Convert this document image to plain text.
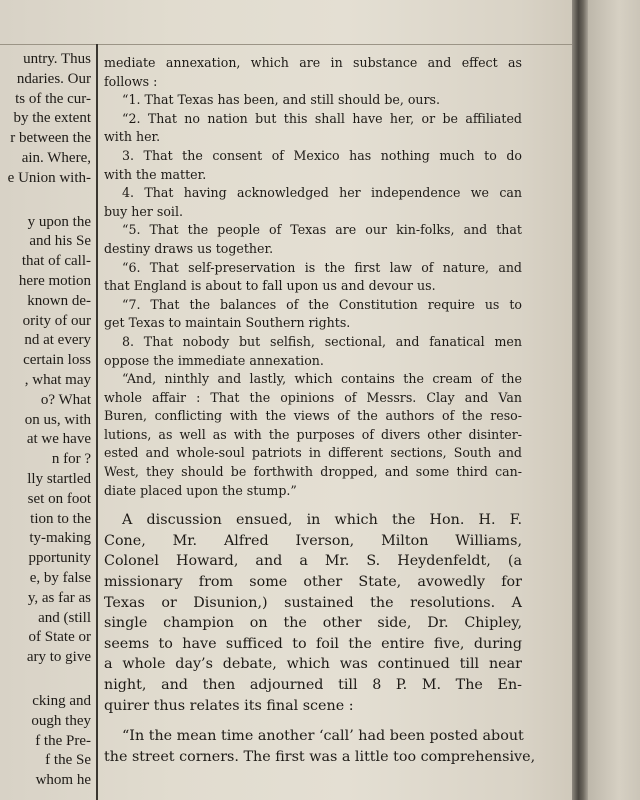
untry. Thus
ndaries. Our
ts of the cur-
by the extent
r between the
ain. Where,
e Union with-
y upon the
and his Se
that of call-
here motion
known de-
ority of our
nd at every
certain loss
, what may
o? What
on us, with
at we have
n for ?
lly startled
set on foot
tion to the
ty-making
pportunity
e, by false
y, as far as
and (still
of State or
ary to give
cking and
ough they
f the Pre-
f the Se
whom he
mediate annexation, which are in substance and effect as
follows :
“1. That Texas has been, and still should be, ours.
“2. That no nation but this shall have her, or be affiliated
with her.
3. That the consent of Mexico has nothing much to do
with the matter.
4. That having acknowledged her independence we can
buy her soil.
“5. That the people of Texas are our kin-folks, and that
destiny draws us together.
“6. That self-preservation is the first law of nature, and
that England is about to fall upon us and devour us.
“7. That the balances of the Constitution require us to
get Texas to maintain Southern rights.
8. That nobody but selfish, sectional, and fanatical men
oppose the immediate annexation.
“And, ninthly and lastly, which contains the cream of the
whole affair : That the opinions of Messrs. Clay and Van
Buren, conflicting with the views of the authors of the reso-
lutions, as well as with the purposes of divers other disinter-
ested and whole-soul patriots in different sections, South and
West, they should be forthwith dropped, and some third can-
diate placed upon the stump.”
A discussion ensued, in which the Hon. H. F.
Cone, Mr. Alfred Iverson, Milton Williams,
Colonel Howard, and a Mr. S. Heydenfeldt, (a
missionary from some other State, avowedly for
Texas or Disunion,) sustained the resolutions. A
single champion on the other side, Dr. Chipley,
seems to have sufficed to foil the entire five, during
a whole day’s debate, which was continued till near
night, and then adjourned till 8 P. M. The En-
quirer thus relates its final scene :
“In the mean time another ‘call’ had been posted about
the street corners. The first was a little too comprehensive,
